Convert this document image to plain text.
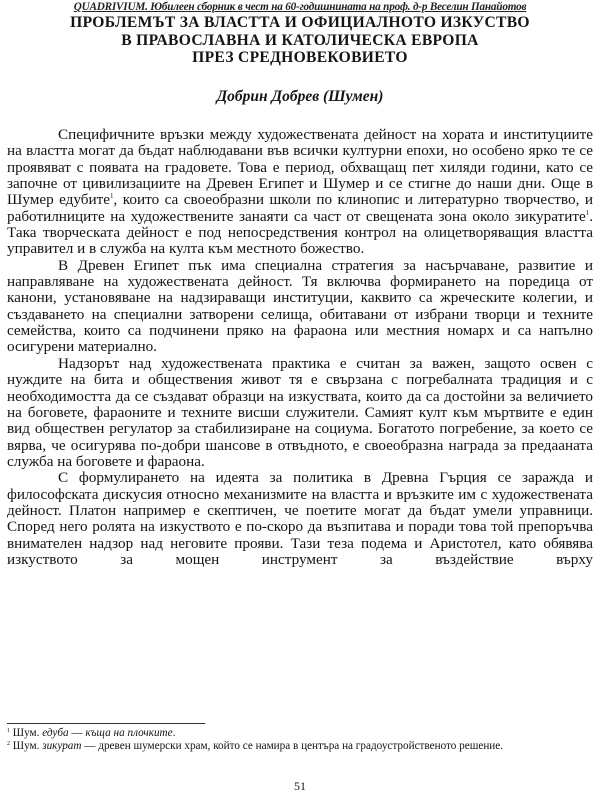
QUADRIVIUM. Юбилеен сборник в чест на 60-годишнината на проф. д-р Веселин Панайотов
ПРОБЛЕМЪТ ЗА ВЛАСТТА И ОФИЦИАЛНОТО ИЗКУСТВО
В ПРАВОСЛАВНА И КАТОЛИЧЕСКА ЕВРОПА
ПРЕЗ СРЕДНОВЕКОВИЕТО
Добрин Добрев (Шумен)

Специфичните връзки между художествената дейност на хората и институциите на властта могат да бъдат наблюдавани във всички културни епохи, но особено ярко те се проявяват с появата на градовете. Това е период, обхващащ пет хиляди години, като се започне от цивилизациите на Древен Египет и Шумер и се стигне до наши дни. Още в Шумер едубите$^1$, които са своеобразни школи по клинопис и литературно творчество, и работилниците на художествените занаяти са част от свещената зона около зикуратите$^1$. Така творческата дейност е под непосредствения контрол на олицетворяващия властта управител и в служба на култа към местното божество.

В Древен Египет пък има специална стратегия за насърчаване, развитие и направляване на художествената дейност. Тя включва формирането на поредица от канони, установяване на надзиравaщи институции, каквито са жреческите колегии, и създаването на специални затворени селища, обитавани от избрани творци и техните семейства, които са подчинени пряко на фараона или местния номарх и са напълно осигурени материално.

Надзорът над художествената практика е считан за важен, защото освен с нуждите на бита и обществения живот тя е свързана с погребалната традиция и с необходимостта да се създават образци на изкуствата, които да са достойни за величието на боговете, фараоните и техните висши служители. Самият култ към мъртвите е един вид обществен регулатор за стабилизиране на социума. Богатото погребение, за което се вярва, че осигурява по-добри шансове в отвъдното, е своеобразна награда за предаaната служба на боговете и фараона.

С формулирането на идеята за политика в Древна Гърция се заражда и философската дискусия относно механизмите на властта и връзките им с художествената дейност. Платон например е скептичен, че поетите могат да бъдат умели управници. Според него ролята на изкуството е по-скоро да възпитава и поради това той препоръчва внимателен надзор над неговите прояви. Тази теза подема и Аристотел, като обявява изкуството за мощен инструмент за въздействие върху

$^1$ Шум. едуба — къща на плочките.

$^2$ Шум. зикурат — древен шумерски храм, който се намира в центъра на градоустройственото решение.

51
